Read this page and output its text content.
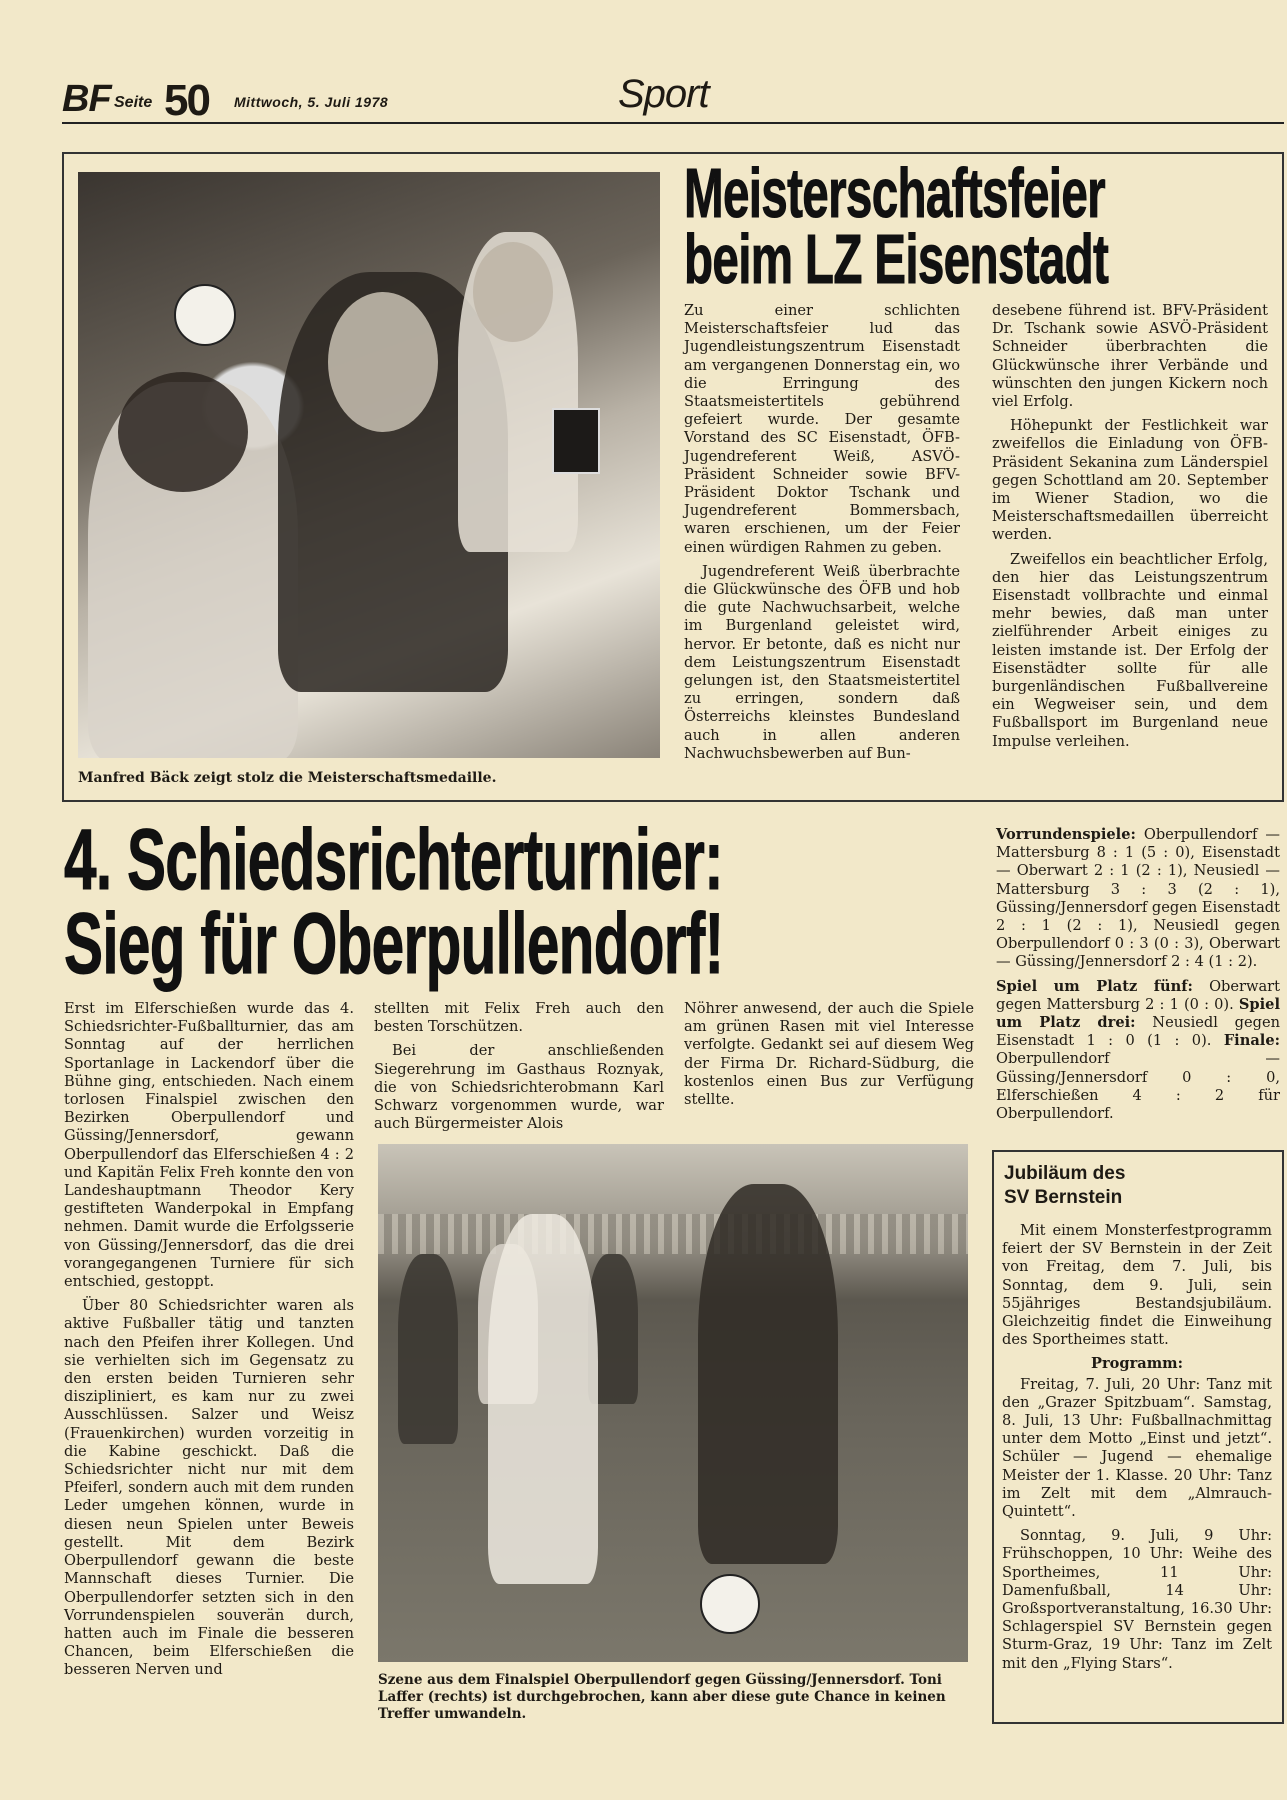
BF Seite 50 Mittwoch, 5. Juli 1978	Sport
Manfred Bäck zeigt stolz die Meisterschaftsmedaille.
Meisterschaftsfeier
beim LZ Eisenstadt

Zu einer schlichten Meisterschaftsfeier lud das Jugendleistungszentrum Eisenstadt am vergangenen Donnerstag ein, wo die Erringung des Staatsmeistertitels gebührend gefeiert wurde. Der gesamte Vorstand des SC Eisenstadt, ÖFB-Jugendreferent Weiß, ASVÖ-Präsident Schneider sowie BFV-Präsident Doktor Tschank und Jugendreferent Bommersbach, waren erschienen, um der Feier einen würdigen Rahmen zu geben.

Jugendreferent Weiß überbrachte die Glückwünsche des ÖFB und hob die gute Nachwuchsarbeit, welche im Burgenland geleistet wird, hervor. Er betonte, daß es nicht nur dem Leistungszentrum Eisenstadt gelungen ist, den Staatsmeistertitel zu erringen, sondern daß Österreichs kleinstes Bundesland auch in allen anderen Nachwuchsbewerben auf Bun-

desebene führend ist. BFV-Präsident Dr. Tschank sowie ASVÖ-Präsident Schneider überbrachten die Glückwünsche ihrer Verbände und wünschten den jungen Kickern noch viel Erfolg.

Höhepunkt der Festlichkeit war zweifellos die Einladung von ÖFB-Präsident Sekanina zum Länderspiel gegen Schottland am 20. September im Wiener Stadion, wo die Meisterschaftsmedaillen überreicht werden.

Zweifellos ein beachtlicher Erfolg, den hier das Leistungszentrum Eisenstadt vollbrachte und einmal mehr bewies, daß man unter zielführender Arbeit einiges zu leisten imstande ist. Der Erfolg der Eisenstädter sollte für alle burgenländischen Fußballvereine ein Wegweiser sein, und dem Fußballsport im Burgenland neue Impulse verleihen.

4. Schiedsrichterturnier:
Sieg für Oberpullendorf!

Erst im Elferschießen wurde das 4. Schiedsrichter-Fußballturnier, das am Sonntag auf der herrlichen Sportanlage in Lackendorf über die Bühne ging, entschieden. Nach einem torlosen Finalspiel zwischen den Bezirken Oberpullendorf und Güssing/Jennersdorf, gewann Oberpullendorf das Elferschießen 4 : 2 und Kapitän Felix Freh konnte den von Landeshauptmann Theodor Kery gestifteten Wanderpokal in Empfang nehmen. Damit wurde die Erfolgsserie von Güssing/Jennersdorf, das die drei vorangegangenen Turniere für sich entschied, gestoppt.

Über 80 Schiedsrichter waren als aktive Fußballer tätig und tanzten nach den Pfeifen ihrer Kollegen. Und sie verhielten sich im Gegensatz zu den ersten beiden Turnieren sehr diszipliniert, es kam nur zu zwei Ausschlüssen. Salzer und Weisz (Frauenkirchen) wurden vorzeitig in die Kabine geschickt. Daß die Schiedsrichter nicht nur mit dem Pfeiferl, sondern auch mit dem runden Leder umgehen können, wurde in diesen neun Spielen unter Beweis gestellt. Mit dem Bezirk Oberpullendorf gewann die beste Mannschaft dieses Turnier. Die Oberpullendorfer setzten sich in den Vorrundenspielen souverän durch, hatten auch im Finale die besseren Chancen, beim Elferschießen die besseren Nerven und

stellten mit Felix Freh auch den besten Torschützen.

Bei der anschließenden Siegerehrung im Gasthaus Roznyak, die von Schiedsrichterobmann Karl Schwarz vorgenommen wurde, war auch Bürgermeister Alois

Nöhrer anwesend, der auch die Spiele am grünen Rasen mit viel Interesse verfolgte. Gedankt sei auf diesem Weg der Firma Dr. Richard-Südburg, die kostenlos einen Bus zur Verfügung stellte.

Szene aus dem Finalspiel Oberpullendorf gegen Güssing/Jennersdorf. Toni Laffer (rechts) ist durchgebrochen, kann aber diese gute Chance in keinen Treffer umwandeln.

Vorrundenspiele: Oberpullendorf — Mattersburg 8 : 1 (5 : 0), Eisenstadt — Oberwart 2 : 1 (2 : 1), Neusiedl — Mattersburg 3 : 3 (2 : 1), Güssing/Jennersdorf gegen Eisenstadt 2 : 1 (2 : 1), Neusiedl gegen Oberpullendorf 0 : 3 (0 : 3), Oberwart — Güssing/Jennersdorf 2 : 4 (1 : 2).

Spiel um Platz fünf: Oberwart gegen Mattersburg 2 : 1 (0 : 0). Spiel um Platz drei: Neusiedl gegen Eisenstadt 1 : 0 (1 : 0). Finale: Oberpullendorf — Güssing/Jennersdorf 0 : 0, Elferschießen 4 : 2 für Oberpullendorf.

Jubiläum des
SV Bernstein

Mit einem Monsterfestprogramm feiert der SV Bernstein in der Zeit von Freitag, dem 7. Juli, bis Sonntag, dem 9. Juli, sein 55jähriges Bestandsjubiläum. Gleichzeitig findet die Einweihung des Sportheimes statt.

Programm:

Freitag, 7. Juli, 20 Uhr: Tanz mit den „Grazer Spitzbuam“. Samstag, 8. Juli, 13 Uhr: Fußballnachmittag unter dem Motto „Einst und jetzt“. Schüler — Jugend — ehemalige Meister der 1. Klasse. 20 Uhr: Tanz im Zelt mit dem „Almrauch-Quintett“.

Sonntag, 9. Juli, 9 Uhr: Frühschoppen, 10 Uhr: Weihe des Sportheimes, 11 Uhr: Damenfußball, 14 Uhr: Großsportveranstaltung, 16.30 Uhr: Schlagerspiel SV Bernstein gegen Sturm-Graz, 19 Uhr: Tanz im Zelt mit den „Flying Stars“.
